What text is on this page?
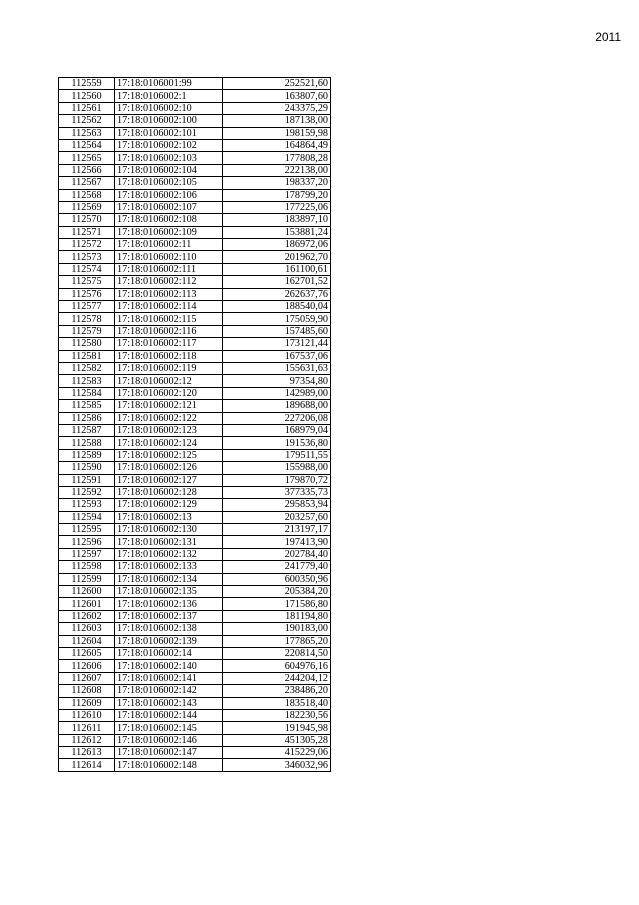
2011
112559	17:18:0106001:99	252521,60
112560	17:18:0106002:1	163807,60
112561	17:18:0106002:10	243375,29
112562	17:18:0106002:100	187138,00
112563	17:18:0106002:101	198159,98
112564	17:18:0106002:102	164864,49
112565	17:18:0106002:103	177808,28
112566	17:18:0106002:104	222138,00
112567	17:18:0106002:105	198337,20
112568	17:18:0106002:106	178799,20
112569	17:18:0106002:107	177225,06
112570	17:18:0106002:108	183897,10
112571	17:18:0106002:109	153881,24
112572	17:18:0106002:11	186972,06
112573	17:18:0106002:110	201962,70
112574	17:18:0106002:111	161100,61
112575	17:18:0106002:112	162701,52
112576	17:18:0106002:113	262637,76
112577	17:18:0106002:114	188540,04
112578	17:18:0106002:115	175059,90
112579	17:18:0106002:116	157485,60
112580	17:18:0106002:117	173121,44
112581	17:18:0106002:118	167537,06
112582	17:18:0106002:119	155631,63
112583	17:18:0106002:12	97354,80
112584	17:18:0106002:120	142989,00
112585	17:18:0106002:121	189688,00
112586	17:18:0106002:122	227206,08
112587	17:18:0106002:123	168979,04
112588	17:18:0106002:124	191536,80
112589	17:18:0106002:125	179511,55
112590	17:18:0106002:126	155988,00
112591	17:18:0106002:127	179870,72
112592	17:18:0106002:128	377335,73
112593	17:18:0106002:129	295853,94
112594	17:18:0106002:13	203257,60
112595	17:18:0106002:130	213197,17
112596	17:18:0106002:131	197413,90
112597	17:18:0106002:132	202784,40
112598	17:18:0106002:133	241779,40
112599	17:18:0106002:134	600350,96
112600	17:18:0106002:135	205384,20
112601	17:18:0106002:136	171586,80
112602	17:18:0106002:137	181194,80
112603	17:18:0106002:138	190183,00
112604	17:18:0106002:139	177865,20
112605	17:18:0106002:14	220814,50
112606	17:18:0106002:140	604976,16
112607	17:18:0106002:141	244204,12
112608	17:18:0106002:142	238486,20
112609	17:18:0106002:143	183518,40
112610	17:18:0106002:144	182230,56
112611	17:18:0106002:145	191945,98
112612	17:18:0106002:146	451305,28
112613	17:18:0106002:147	415229,06
112614	17:18:0106002:148	346032,96
